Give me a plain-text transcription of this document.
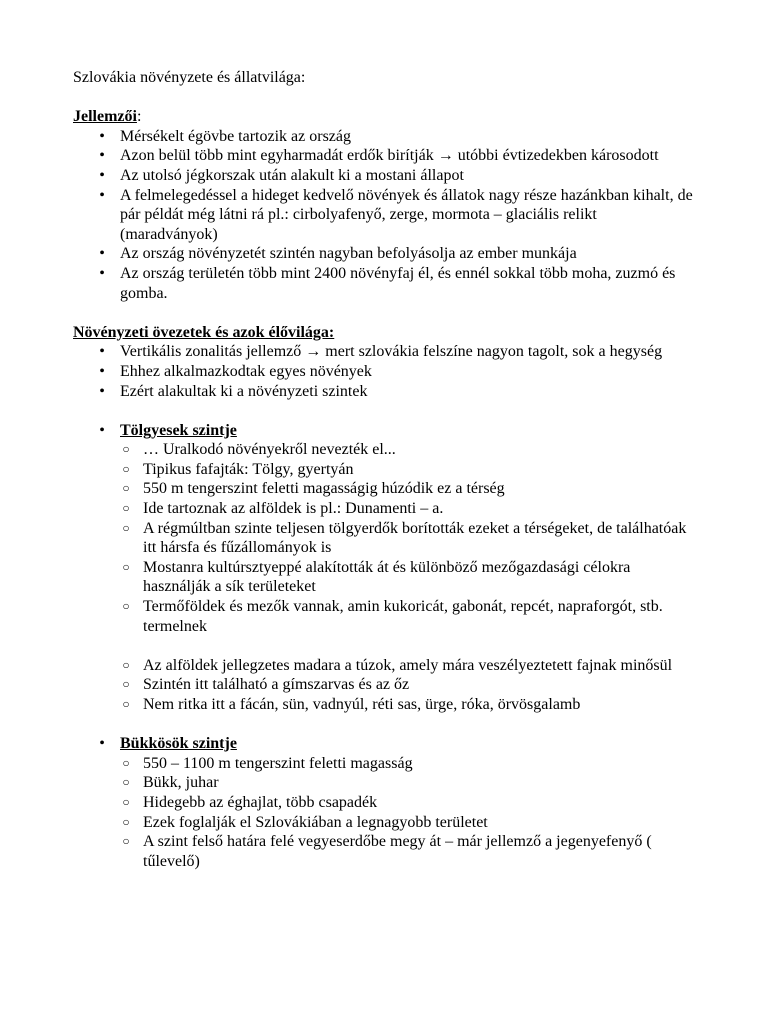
Szlovákia növényzete és állatvilága:

Jellemzői:

• Mérsékelt égövbe tartozik az ország
• Azon belül több mint egyharmadát erdők birítják → utóbbi évtizedekben károsodott
• Az utolsó jégkorszak után alakult ki a mostani állapot
• A felmelegedéssel a hideget kedvelő növények és állatok nagy része hazánkban kihalt, de pár példát még látni rá pl.: cirbolyafenyő, zerge, mormota – glaciális relikt (maradványok)
• Az ország növényzetét szintén nagyban befolyásolja az ember munkája
• Az ország területén több mint 2400 növényfaj él, és ennél sokkal több moha, zuzmó és gomba.

Növényzeti övezetek és azok élővilága:

• Vertikális zonalitás jellemző → mert szlovákia felszíne nagyon tagolt, sok a hegység
• Ehhez alkalmazkodtak egyes növények
• Ezért alakultak ki a növényzeti szintek
• Tölgyesek szintje
○ … Uralkodó növényekről nevezték el...
○ Tipikus fafajták: Tölgy, gyertyán
○ 550 m tengerszint feletti magasságig húzódik ez a térség
○ Ide tartoznak az alföldek is pl.: Dunamenti – a.
○ A régmúltban szinte teljesen tölgyerdők borították ezeket a térségeket, de találhatóak itt hársfa és fűzállományok is
○ Mostanra kultúrsztyeppé alakították át és különböző mezőgazdasági célokra használják a sík területeket
○ Termőföldek és mezők vannak, amin kukoricát, gabonát, repcét, napraforgót, stb. termelnek
○ Az alföldek jellegzetes madara a túzok, amely mára veszélyeztetett fajnak minősül
○ Szintén itt található a gímszarvas és az őz
○ Nem ritka itt a fácán, sün, vadnyúl, réti sas, ürge, róka, örvösgalamb
• Bükkösök szintje
○ 550 – 1100 m tengerszint feletti magasság
○ Bükk, juhar
○ Hidegebb az éghajlat, több csapadék
○ Ezek foglalják el Szlovákiában a legnagyobb területet
○ A szint felső határa felé vegyeserdőbe megy át – már jellemző a jegenyefenyő ( tűlevelő)
